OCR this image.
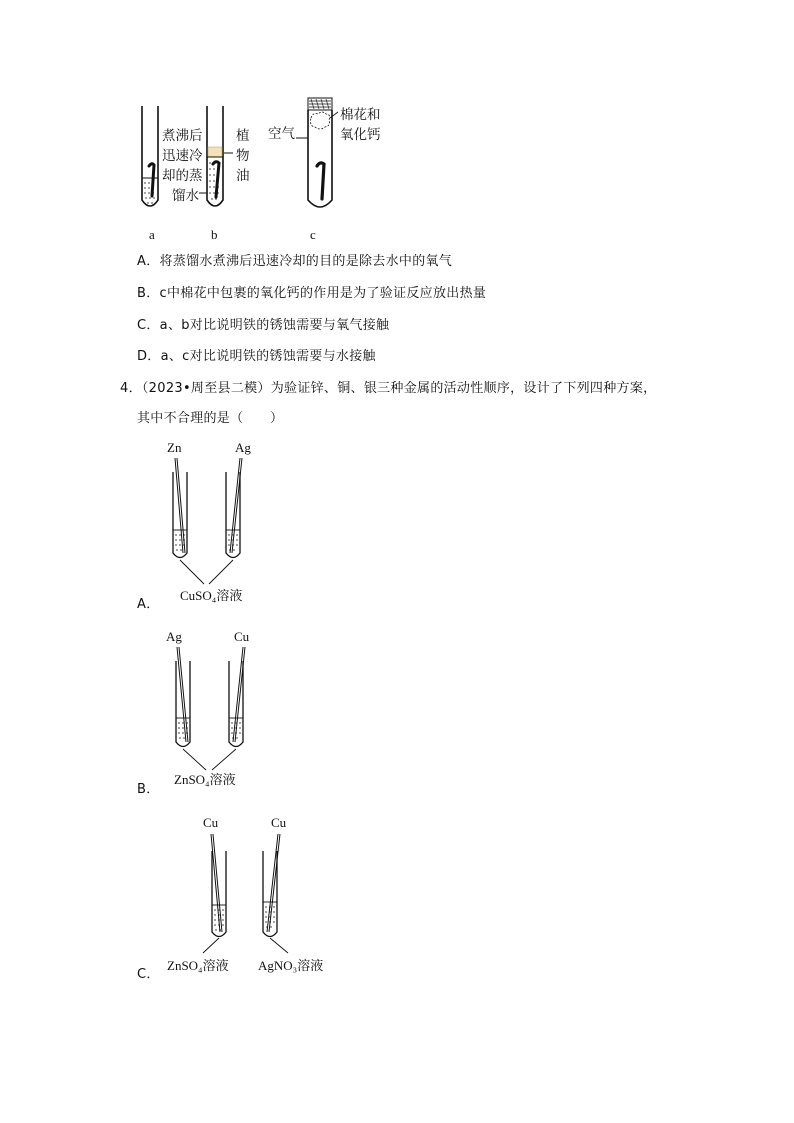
煮沸后
迅速冷
却的蒸
馏水
植
物
油
空气
棉花和
氧化钙
a	b	c
A．将蒸馏水煮沸后迅速冷却的目的是除去水中的氧气
B．c中棉花中包裹的氧化钙的作用是为了验证反应放出热量
C．a、b对比说明铁的锈蚀需要与氧气接触
D．a、c对比说明铁的锈蚀需要与水接触
4．（2023•周至县二模）为验证锌、铜、银三种金属的活动性顺序，设计了下列四种方案，
其中不合理的是（　　）
Zn	Ag
CuSO₄溶液
A．
Ag	Cu
ZnSO₄溶液
B．
Cu	Cu
ZnSO₄溶液 AgNO₃溶液
C．
